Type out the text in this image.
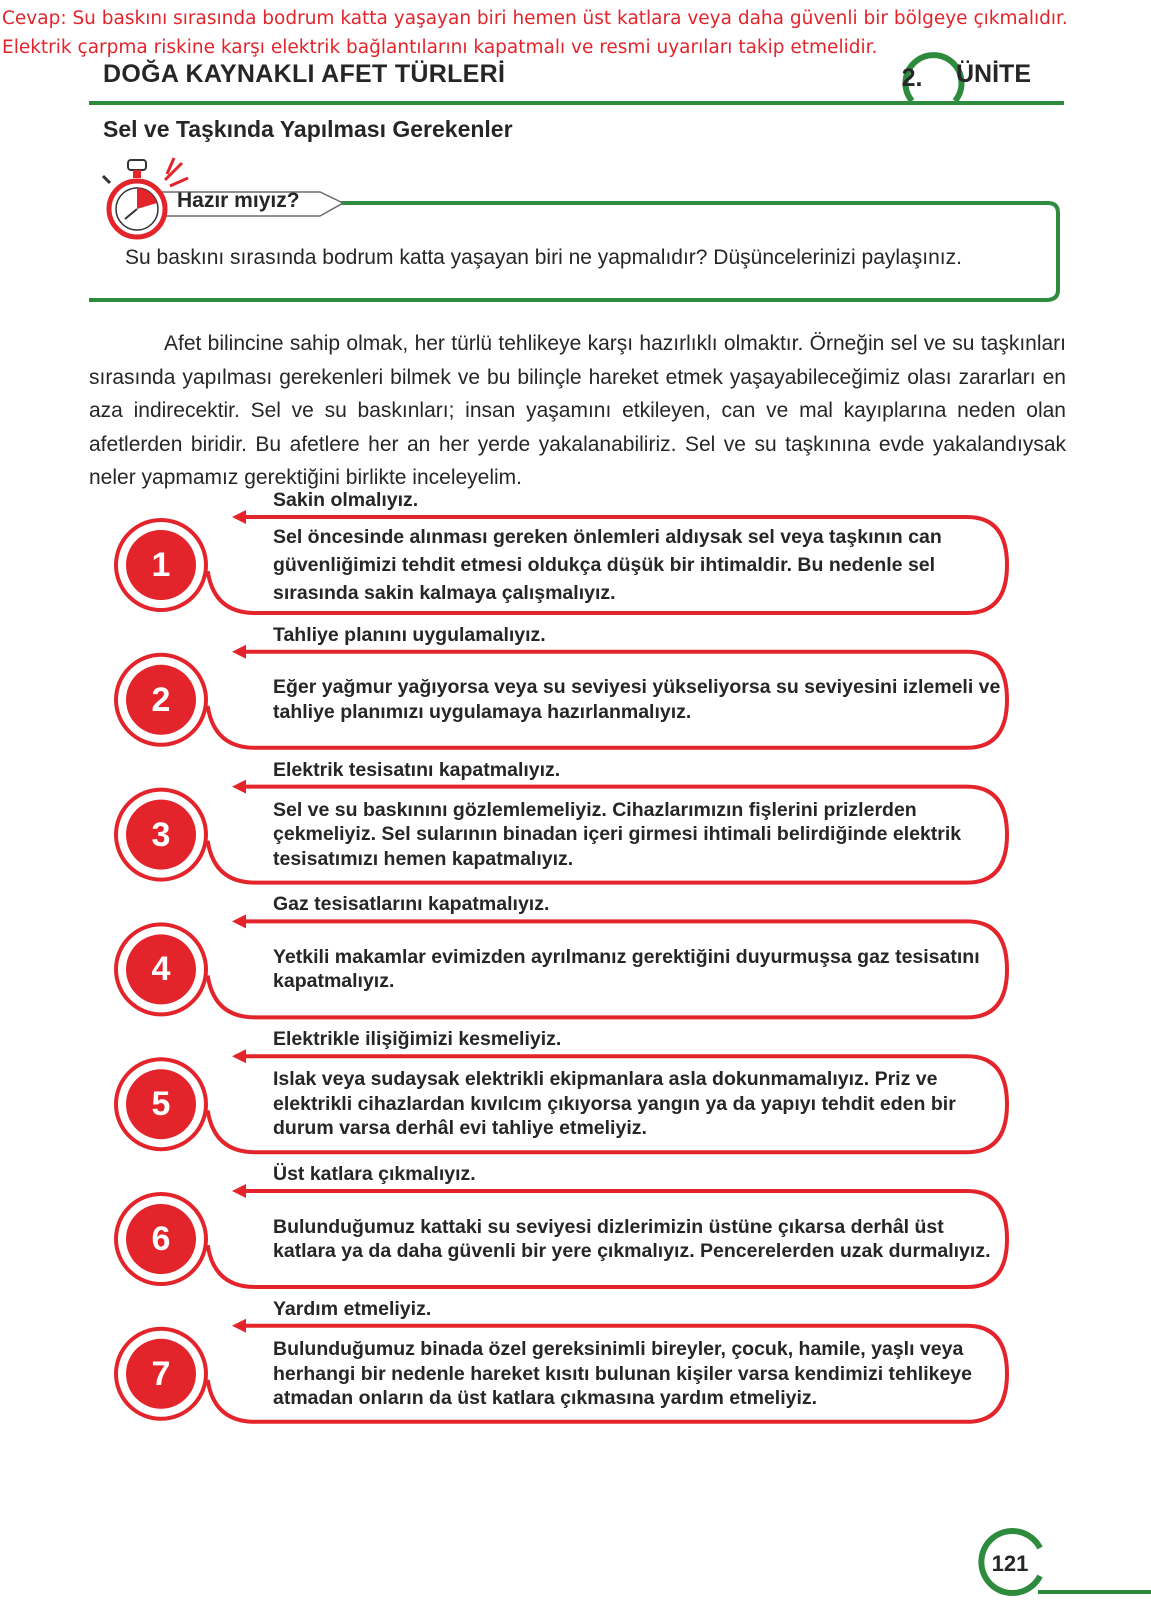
Cevap: Su baskını sırasında bodrum katta yaşayan biri hemen üst katlara veya daha güvenli bir bölgeye çıkmalıdır.
Elektrik çarpma riskine karşı elektrik bağlantılarını kapatmalı ve resmi uyarıları takip etmelidir.
DOĞA KAYNAKLI AFET TÜRLERİ	2.	ÜNİTE
Sel ve Taşkında Yapılması Gerekenler
Hazır mıyız?
Su baskını sırasında bodrum katta yaşayan biri ne yapmalıdır? Düşüncelerinizi paylaşınız.

Afet bilincine sahip olmak, her türlü tehlikeye karşı hazırlıklı olmaktır. Örneğin sel ve su taşkınları sırasında yapılması gerekenleri bilmek ve bu bilinçle hareket etmek yaşayabileceğimiz olası zararları en aza indirecektir. Sel ve su baskınları; insan yaşamını etkileyen, can ve mal kayıplarına neden olan afetlerden biridir. Bu afetlere her an her yerde yakalanabiliriz. Sel ve su taşkınına evde yakalandıysak neler yapmamız gerektiğini birlikte inceleyelim.

1
Sakin olmalıyız.
Sel öncesinde alınması gereken önlemleri aldıysak sel veya taşkının can güvenliğimizi tehdit etmesi oldukça düşük bir ihtimaldir. Bu nedenle sel sırasında sakin kalmaya çalışmalıyız.
2
Tahliye planını uygulamalıyız.
Eğer yağmur yağıyorsa veya su seviyesi yükseliyorsa su seviyesini izlemeli ve tahliye planımızı uygulamaya hazırlanmalıyız.
3
Elektrik tesisatını kapatmalıyız.
Sel ve su baskınını gözlemlemeliyiz. Cihazlarımızın fişlerini prizlerden çekmeliyiz. Sel sularının binadan içeri girmesi ihtimali belirdiğinde elektrik tesisatımızı hemen kapatmalıyız.
4
Gaz tesisatlarını kapatmalıyız.
Yetkili makamlar evimizden ayrılmanız gerektiğini duyurmuşsa gaz tesisatını kapatmalıyız.
5
Elektrikle ilişiğimizi kesmeliyiz.
Islak veya sudaysak elektrikli ekipmanlara asla dokunmamalıyız. Priz ve elektrikli cihazlardan kıvılcım çıkıyorsa yangın ya da yapıyı tehdit eden bir durum varsa derhâl evi tahliye etmeliyiz.
6
Üst katlara çıkmalıyız.
Bulunduğumuz kattaki su seviyesi dizlerimizin üstüne çıkarsa derhâl üst katlara ya da daha güvenli bir yere çıkmalıyız. Pencerelerden uzak durmalıyız.
7
Yardım etmeliyiz.
Bulunduğumuz binada özel gereksinimli bireyler, çocuk, hamile, yaşlı veya herhangi bir nedenle hareket kısıtı bulunan kişiler varsa kendimizi tehlikeye atmadan onların da üst katlara çıkmasına yardım etmeliyiz.
121
